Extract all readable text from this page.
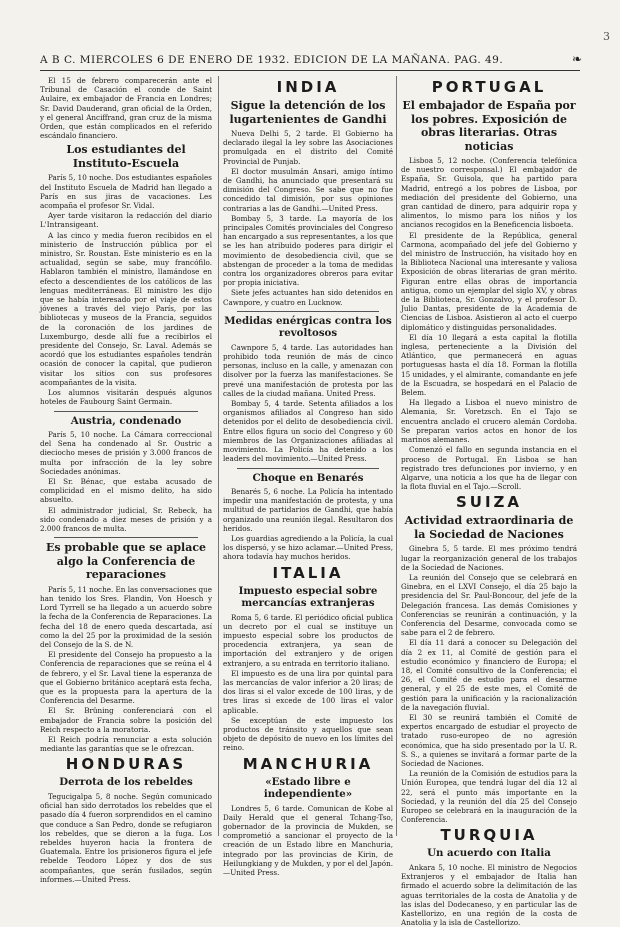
3
A B C. MIERCOLES 6 DE ENERO DE 1932. EDICION DE LA MAÑANA. PAG. 49.	❧

El 15 de febrero comparecerán ante el Tribunal de Casación el conde de Saint Aulaire, ex embajador de Francia en Londres; Sr. David Dauderand, gran oficial de la Orden, y el general Anciffrand, gran cruz de la misma Orden, que están complicados en el referido escándalo financiero.

Los estudiantes del Instituto-Escuela

París 5, 10 noche. Dos estudiantes españoles del Instituto Escuela de Madrid han llegado a París en sus jiras de vacaciones. Les acompaña el profesor Sr. Vidal.

Ayer tarde visitaron la redacción del diario L'Intransigeant.

A las cinco y media fueron recibidos en el ministerio de Instrucción pública por el ministro, Sr. Roustan. Este ministerio es en la actualidad, según se sabe, muy francófilo. Hablaron también el ministro, llamándose en efecto a descendientes de los católicos de las lenguas mediterráneas. El ministro les dijo que se había interesado por el viaje de estos jóvenes a través del viejo París, por las bibliotecas y museos de la Francia, seguidos de la coronación de los jardines de Luxemburgo, desde allí fue a recibirlos el presidente del Consejo, Sr. Laval. Además se acordó que los estudiantes españoles tendrán ocasión de conocer la capital, que pudieron visitar los sitios con sus profesores acompañantes de la visita.

Los alumnos visitarán después algunos hoteles de Faubourg Saint Germain.

Austria, condenado

París 5, 10 noche. La Cámara correccional del Sena ha condenado al Sr. Oustric a dieciocho meses de prisión y 3.000 francos de multa por infracción de la ley sobre Sociedades anónimas.

El Sr. Bénac, que estaba acusado de complicidad en el mismo delito, ha sido absuelto.

El administrador judicial, Sr. Rebeck, ha sido condenado a diez meses de prisión y a 2.000 francos de multa.

Es probable que se aplace algo la Conferencia de reparaciones

París 5, 11 noche. En las conversaciones que han tenido los Sres. Flandin, Von Hoesch y Lord Tyrrell se ha llegado a un acuerdo sobre la fecha de la Conferencia de Reparaciones. La fecha del 18 de enero queda descartada, así como la del 25 por la proximidad de la sesión del Consejo de la S. de N.

El presidente del Consejo ha propuesto a la Conferencia de reparaciones que se reúna el 4 de febrero, y el Sr. Laval tiene la esperanza de que el Gobierno británico aceptará esta fecha, que es la propuesta para la apertura de la Conferencia del Desarme.

El Sr. Brüning conferenciará con el embajador de Francia sobre la posición del Reich respecto a la moratoria.

El Reich podría renunciar a esta solución mediante las garantías que se le ofrezcan.

HONDURAS
Derrota de los rebeldes

Tegucigalpa 5, 8 noche. Según comunicado oficial han sido derrotados los rebeldes que el pasado día 4 fueron sorprendidos en el camino que conduce a San Pedro, donde se refugiaron los rebeldes, que se dieron a la fuga. Los rebeldes huyeron hacia la frontera de Guatemala. Entre los prisioneros figura el jefe rebelde Teodoro López y dos de sus acompañantes, que serán fusilados, según informes.—United Press.

INDIA
Sigue la detención de los lugartenientes de Gandhi

Nueva Delhi 5, 2 tarde. El Gobierno ha declarado ilegal la ley sobre las Asociaciones promulgada en el distrito del Comité Provincial de Punjab.

El doctor musulmán Ansari, amigo íntimo de Gandhi, ha anunciado que presentará su dimisión del Congreso. Se sabe que no fue concedido tal dimisión, por sus opiniones contrarias a las de Gandhi.—United Press.

Bombay 5, 3 tarde. La mayoría de los principales Comités provinciales del Congreso han encargado a sus representantes, a los que se les han atribuido poderes para dirigir el movimiento de desobediencia civil, que se abstengan de proceder a la toma de medidas contra los organizadores obreros para evitar por propia iniciativa.

Siete jefes actuantes han sido detenidos en Cawnpore, y cuatro en Lucknow.

Medidas enérgicas contra los revoltosos

Cawnpore 5, 4 tarde. Las autoridades han prohibido toda reunión de más de cinco personas, incluso en la calle, y amenazan con disolver por la fuerza las manifestaciones. Se prevé una manifestación de protesta por las calles de la ciudad mañana. United Press.

Bombay 5, 4 tarde. Setenta afiliados a los organismos afiliados al Congreso han sido detenidos por el delito de desobediencia civil. Entre ellos figura un socio del Congreso y 60 miembros de las Organizaciones afiliadas al movimiento. La Policía ha detenido a los leaders del movimiento.—United Press.

Choque en Benarés

Benarés 5, 6 noche. La Policía ha intentado impedir una manifestación de protesta, y una multitud de partidarios de Gandhi, que había organizado una reunión ilegal. Resultaron dos heridos.

Los guardias agrediendo a la Policía, la cual los dispersó, y se hizo aclamar.—United Press, ahora todavía hay muchos heridos.

ITALIA
Impuesto especial sobre mercancías extranjeras

Roma 5, 6 tarde. El periódico oficial publica un decreto por el cual se instituye un impuesto especial sobre los productos de procedencia extranjera, ya sean de importación del extranjero y de origen extranjero, a su entrada en territorio italiano.

El impuesto es de una lira por quintal para las mercancías de valor inferior a 20 liras; de dos liras si el valor excede de 100 liras, y de tres liras si excede de 100 liras el valor aplicable.

Se exceptúan de este impuesto los productos de tránsito y aquellos que sean objeto de depósito de nuevo en los límites del reino.

MANCHURIA
«Estado libre e independiente»

Londres 5, 6 tarde. Comunican de Kobe al Daily Herald que el general Tchang-Tso, gobernador de la provincia de Mukden, se comprometió a sancionar el proyecto de la creación de un Estado libre en Manchuria, integrado por las provincias de Kirin, de Heilungkiang y de Mukden, y por el del Japón.—United Press.

PORTUGAL
El embajador de España por los pobres. Exposición de obras literarias. Otras noticias

Lisboa 5, 12 noche. (Conferencia telefónica de nuestro corresponsal.) El embajador de España, Sr. Guisola, que ha partido para Madrid, entregó a los pobres de Lisboa, por mediación del presidente del Gobierno, una gran cantidad de dinero, para adquirir ropa y alimentos, lo mismo para los niños y los ancianos recogidos en la Beneficencia lisboeta.

El presidente de la República, general Carmona, acompañado del jefe del Gobierno y del ministro de Instrucción, ha visitado hoy en la Biblioteca Nacional una interesante y valiosa Exposición de obras literarias de gran mérito. Figuran entre ellas obras de importancia antigua, como un ejemplar del siglo XV, y obras de la Biblioteca, Sr. Gonzalvo, y el profesor D. Julio Dantas, presidente de la Academia de Ciencias de Lisboa. Asistieron al acto el cuerpo diplomático y distinguidas personalidades.

El día 10 llegará a esta capital la flotilla inglesa, perteneciente a la División del Atlántico, que permanecerá en aguas portuguesas hasta el día 18. Forman la flotilla 15 unidades, y el almirante, comandante en jefe de la Escuadra, se hospedará en el Palacio de Belem.

Ha llegado a Lisboa el nuevo ministro de Alemania, Sr. Voretzsch. En el Tajo se encuentra anclado el crucero alemán Cordoba. Se preparan varios actos en honor de los marinos alemanes.

Comenzó el fallo en segunda instancia en el proceso de Portugal. En Lisboa se han registrado tres defunciones por invierno, y en Algarve, una noticia a los que ha de llegar con la flota fluvial en el Tajo.—Scroll.

SUIZA
Actividad extraordinaria de la Sociedad de Naciones

Ginebra 5, 5 tarde. El mes próximo tendrá lugar la reorganización general de los trabajos de la Sociedad de Naciones.

La reunión del Consejo que se celebrará en Ginebra, en el LXVI Consejo, el día 25 bajo la presidencia del Sr. Paul-Boncour, del jefe de la Delegación francesa. Las demás Comisiones y Conferencias se reunirán a continuación, y la Conferencia del Desarme, convocada como se sabe para el 2 de febrero.

El día 11 dará a conocer su Delegación del día 2 ex 11, al Comité de gestión para el estudio económico y financiero de Europa; el 18, el Comité consultivo de la Conferencia; el 26, el Comité de estudio para el desarme general, y el 25 de este mes, el Comité de gestión para la unificación y la racionalización de la navegación fluvial.

El 30 se reunirá también el Comité de expertos encargado de estudiar el proyecto de tratado ruso-europeo de no agresión económica, que ha sido presentado por la U. R. S. S., a quienes se invitará a formar parte de la Sociedad de Naciones.

La reunión de la Comisión de estudios para la Unión Europea, que tendrá lugar del día 12 al 22, será el punto más importante en la Sociedad, y la reunión del día 25 del Consejo Europeo se celebrará en la inauguración de la Conferencia.

TURQUIA
Un acuerdo con Italia

Ankara 5, 10 noche. El ministro de Negocios Extranjeros y el embajador de Italia han firmado el acuerdo sobre la delimitación de las aguas territoriales de la costa de Anatolia y de las islas del Dodecaneso, y en particular las de Kastellorizo, en una región de la costa de Anatolia y la isla de Castellorizo.
